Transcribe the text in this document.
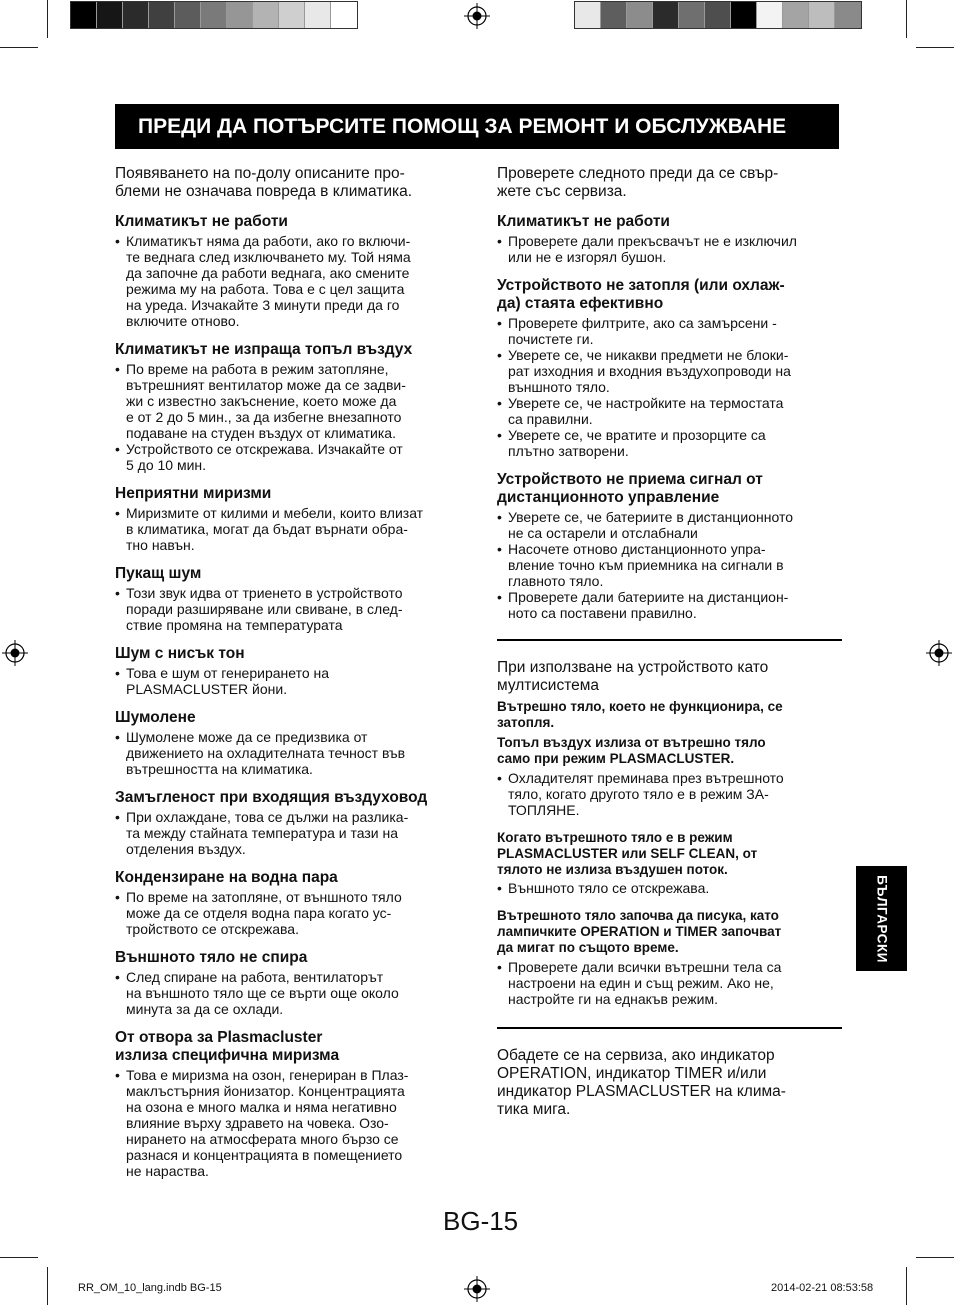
ПРЕДИ ДА ПОТЪРСИТЕ ПОМОЩ ЗА РЕМОНТ И ОБСЛУЖВАНЕ

Появяването на по-долу описаните про-
блеми не означава повреда в климатика.

Климатикът не работи

• Климатикът няма да работи, ако го включи-
те веднага след изключването му. Той няма
да започне да работи веднага, ако смените
режима му на работа. Това е с цел защита
на уреда. Изчакайте 3 минути преди да го
включите отново.

Климатикът не изпраща топъл въздух

• По време на работа в режим затопляне,
вътрешният вентилатор може да се задви-
жи с известно закъснение, което може да
е от 2 до 5 мин., за да избегне внезапното
подаване на студен въздух от климатика.
• Устройството се отскрежава. Изчакайте от
5 до 10 мин.

Неприятни миризми

• Миризмите от килими и мебели, които влизат
в климатика, могат да бъдат върнати обра-
тно навън.

Пукащ шум

• Този звук идва от триенето в устройството
поради разширяване или свиване, в след-
ствие промяна на температурата

Шум с нисък тон

• Това е шум от генерирането на
PLASMACLUSTER йони.

Шумолене

• Шумолене може да се предизвика от
движението на охладителната течност във
вътрешността на климатика.

Замъгленост при входящия въздуховод

• При охлаждане, това се дължи на разлика-
та между стайната температура и тази на
отделения въздух.

Кондензиране на водна пара

• По време на затопляне, от външното тяло
може да се отделя водна пара когато ус-
тройството се отскрежава.

Външното тяло не спира

• След спиране на работа, вентилаторът
на външното тяло ще се върти още около
минута за да се охлади.

От отвора за Plasmacluster
излиза специфична миризма

• Това е миризма на озон, генериран в Плаз-
маклъстърния йонизатор. Концентрацията
на озона е много малка и няма негативно
влияние върху здравето на човека. Озо-
нирането на атмосферата много бързо се
разнася и концентрацията в помещението
не нараства.

Проверете следното преди да се свър-
жете със сервиза.

Климатикът не работи

• Проверете дали прекъсвачът не е изключил
или не е изгорял бушон.

Устройството не затопля (или охлаж-
да) стаята ефективно

• Проверете филтрите, ако са замърсени -
почистете ги.
• Уверете се, че никакви предмети не блоки-
рат изходния и входния въздухопроводи на
външното тяло.
• Уверете се, че настройките на термостата
са правилни.
• Уверете се, че вратите и прозорците са
плътно затворени.

Устройството не приема сигнал от
дистанционното управление

• Уверете се, че батериите в дистанционното
не са остарели и отслабнали
• Насочете отново дистанционното упра-
вление точно към приемника на сигнали в
главното тяло.
• Проверете дали батериите на дистанцион-
ното са поставени правилно.

При използване на устройството като
мултисистема

Вътрешно тяло, което не функционира, се
затопля.

Топъл въздух излиза от вътрешно тяло
само при режим PLASMACLUSTER.

• Охладителят преминава през вътрешното
тяло, когато другото тяло е в режим ЗА-
ТОПЛЯНЕ.

Когато вътрешното тяло е в режим
PLASMACLUSTER или SELF CLEAN, от
тялото не излиза въздушен поток.

• Външното тяло се отскрежава.

Вътрешното тяло започва да писука, като
лампичките OPERATION и TIMER започват
да мигат по същото време.

• Проверете дали всички вътрешни тела са
настроени на един и същ режим. Ако не,
настройте ги на еднакъв режим.

Обадете се на сервиза, ако индикатор
OPERATION, индикатор TIMER и/или
индикатор PLASMACLUSTER на клима-
тика мига.

БЪЛГАРСКИ
BG-15
RR_OM_10_lang.indb BG-15	2014-02-21 08:53:58
